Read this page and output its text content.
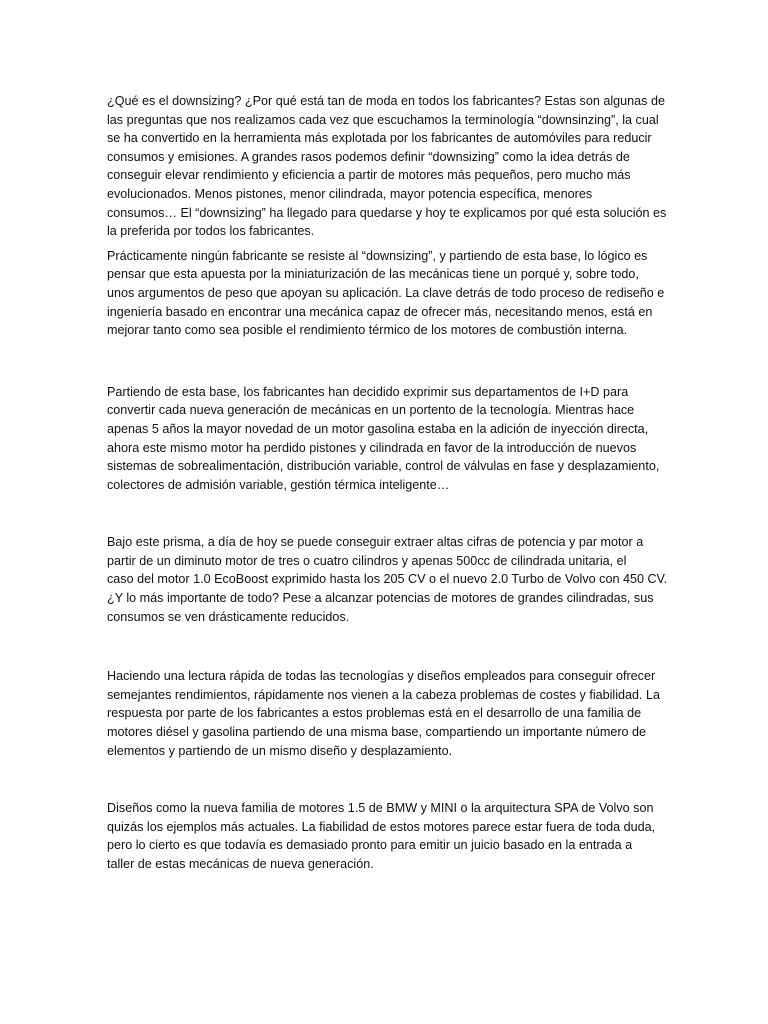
¿Qué es el downsizing? ¿Por qué está tan de moda en todos los fabricantes? Estas son algunas de
las preguntas que nos realizamos cada vez que escuchamos la terminología “downsinzing”, la cual
se ha convertido en la herramienta más explotada por los fabricantes de automóviles para reducir
consumos y emisiones. A grandes rasos podemos definir “downsizing” como la idea detrás de
conseguir elevar rendimiento y eficiencia a partir de motores más pequeños, pero mucho más
evolucionados. Menos pistones, menor cilindrada, mayor potencia específica, menores
consumos… El “downsizing” ha llegado para quedarse y hoy te explicamos por qué esta solución es
la preferida por todos los fabricantes.

Prácticamente ningún fabricante se resiste al “downsizing”, y partiendo de esta base, lo lógico es
pensar que esta apuesta por la miniaturización de las mecánicas tiene un porqué y, sobre todo,
unos argumentos de peso que apoyan su aplicación. La clave detrás de todo proceso de rediseño e
ingeniería basado en encontrar una mecánica capaz de ofrecer más, necesitando menos, está en
mejorar tanto como sea posible el rendimiento térmico de los motores de combustión interna.

Partiendo de esta base, los fabricantes han decidido exprimir sus departamentos de I+D para
convertir cada nueva generación de mecánicas en un portento de la tecnología. Mientras hace
apenas 5 años la mayor novedad de un motor gasolina estaba en la adición de inyección directa,
ahora este mismo motor ha perdido pistones y cilindrada en favor de la introducción de nuevos
sistemas de sobrealimentación, distribución variable, control de válvulas en fase y desplazamiento,
colectores de admisión variable, gestión térmica inteligente…

Bajo este prisma, a día de hoy se puede conseguir extraer altas cifras de potencia y par motor a
partir de un diminuto motor de tres o cuatro cilindros y apenas 500cc de cilindrada unitaria, el
caso del motor 1.0 EcoBoost exprimido hasta los 205 CV o el nuevo 2.0 Turbo de Volvo con 450 CV.
¿Y lo más importante de todo? Pese a alcanzar potencias de motores de grandes cilindradas, sus
consumos se ven drásticamente reducidos.

Haciendo una lectura rápida de todas las tecnologías y diseños empleados para conseguir ofrecer
semejantes rendimientos, rápidamente nos vienen a la cabeza problemas de costes y fiabilidad. La
respuesta por parte de los fabricantes a estos problemas está en el desarrollo de una familia de
motores diésel y gasolina partiendo de una misma base, compartiendo un importante número de
elementos y partiendo de un mismo diseño y desplazamiento.

Diseños como la nueva familia de motores 1.5 de BMW y MINI o la arquitectura SPA de Volvo son
quizás los ejemplos más actuales. La fiabilidad de estos motores parece estar fuera de toda duda,
pero lo cierto es que todavía es demasiado pronto para emitir un juicio basado en la entrada a
taller de estas mecánicas de nueva generación.
